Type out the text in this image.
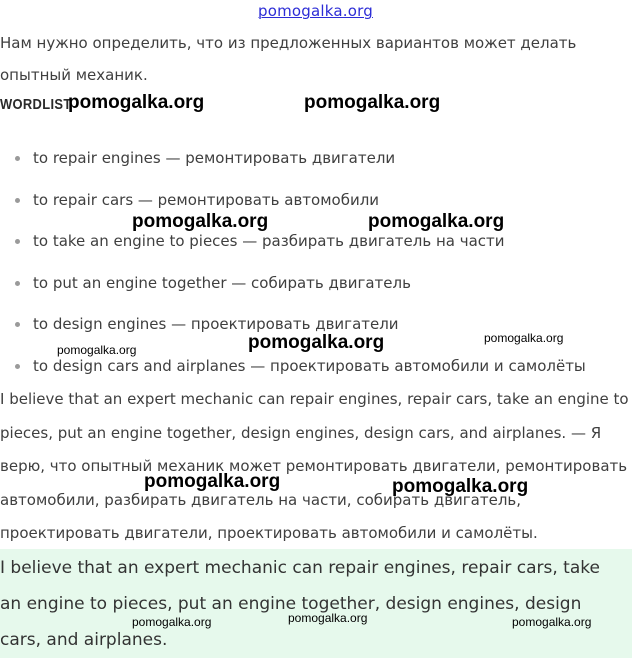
pomogalka.org

Нам нужно определить, что из предложенных вариантов может делать опытный механик.

WORDLIST
to repair engines — ремонтировать двигатели
to repair cars — ремонтировать автомобили
to take an engine to pieces — разбирать двигатель на части
to put an engine together — собирать двигатель
to design engines — проектировать двигатели
to design cars and airplanes — проектировать автомобили и самолёты

I believe that an expert mechanic can repair engines, repair cars, take an engine to pieces, put an engine together, design engines, design cars, and airplanes. — Я верю, что опытный механик может ремонтировать двигатели, ремонтировать автомобили, разбирать двигатель на части, собирать двигатель, проектировать двигатели, проектировать автомобили и самолёты.

I believe that an expert mechanic can repair engines, repair cars, take an engine to pieces, put an engine together, design engines, design cars, and airplanes.

pomogalka.org	pomogalka.org
pomogalka.org	pomogalka.org
pomogalka.org	pomogalka.org
pomogalka.org
pomogalka.org	pomogalka.org
pomogalka.org	pomogalka.org	pomogalka.org
